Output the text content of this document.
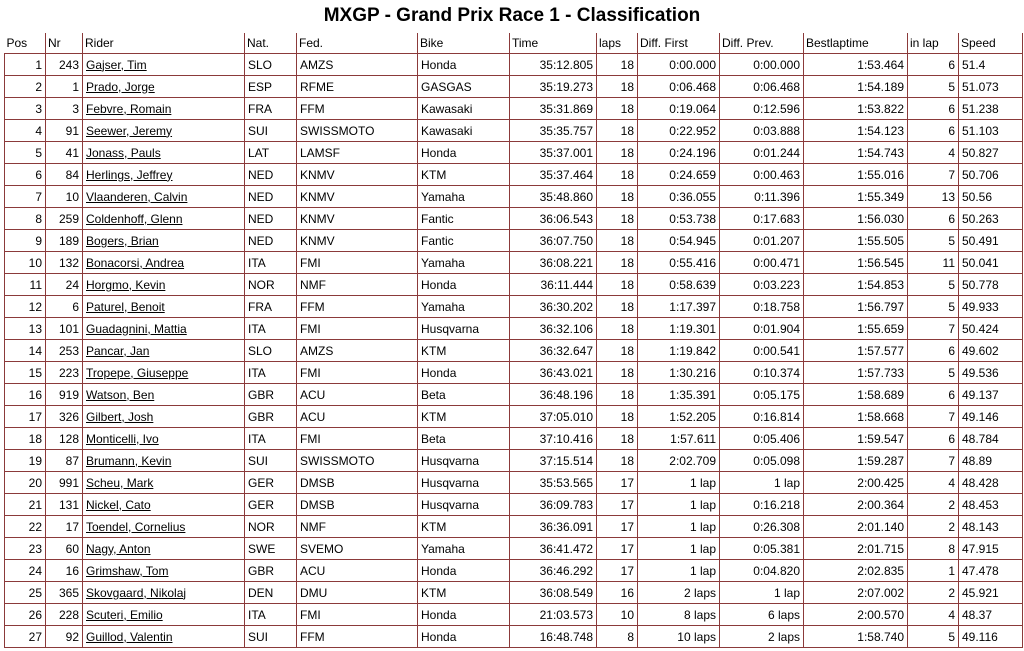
MXGP - Grand Prix Race 1 - Classification
Pos	Nr	Rider	Nat.	Fed.	Bike	Time	laps	Diff. First	Diff. Prev.	Bestlaptime	in lap	Speed
1	243	Gajser, Tim	SLO	AMZS	Honda	35:12.805	18	0:00.000	0:00.000	1:53.464	6	51.4
2	1	Prado, Jorge	ESP	RFME	GASGAS	35:19.273	18	0:06.468	0:06.468	1:54.189	5	51.073
3	3	Febvre, Romain	FRA	FFM	Kawasaki	35:31.869	18	0:19.064	0:12.596	1:53.822	6	51.238
4	91	Seewer, Jeremy	SUI	SWISSMOTO	Kawasaki	35:35.757	18	0:22.952	0:03.888	1:54.123	6	51.103
5	41	Jonass, Pauls	LAT	LAMSF	Honda	35:37.001	18	0:24.196	0:01.244	1:54.743	4	50.827
6	84	Herlings, Jeffrey	NED	KNMV	KTM	35:37.464	18	0:24.659	0:00.463	1:55.016	7	50.706
7	10	Vlaanderen, Calvin	NED	KNMV	Yamaha	35:48.860	18	0:36.055	0:11.396	1:55.349	13	50.56
8	259	Coldenhoff, Glenn	NED	KNMV	Fantic	36:06.543	18	0:53.738	0:17.683	1:56.030	6	50.263
9	189	Bogers, Brian	NED	KNMV	Fantic	36:07.750	18	0:54.945	0:01.207	1:55.505	5	50.491
10	132	Bonacorsi, Andrea	ITA	FMI	Yamaha	36:08.221	18	0:55.416	0:00.471	1:56.545	11	50.041
11	24	Horgmo, Kevin	NOR	NMF	Honda	36:11.444	18	0:58.639	0:03.223	1:54.853	5	50.778
12	6	Paturel, Benoit	FRA	FFM	Yamaha	36:30.202	18	1:17.397	0:18.758	1:56.797	5	49.933
13	101	Guadagnini, Mattia	ITA	FMI	Husqvarna	36:32.106	18	1:19.301	0:01.904	1:55.659	7	50.424
14	253	Pancar, Jan	SLO	AMZS	KTM	36:32.647	18	1:19.842	0:00.541	1:57.577	6	49.602
15	223	Tropepe, Giuseppe	ITA	FMI	Honda	36:43.021	18	1:30.216	0:10.374	1:57.733	5	49.536
16	919	Watson, Ben	GBR	ACU	Beta	36:48.196	18	1:35.391	0:05.175	1:58.689	6	49.137
17	326	Gilbert, Josh	GBR	ACU	KTM	37:05.010	18	1:52.205	0:16.814	1:58.668	7	49.146
18	128	Monticelli, Ivo	ITA	FMI	Beta	37:10.416	18	1:57.611	0:05.406	1:59.547	6	48.784
19	87	Brumann, Kevin	SUI	SWISSMOTO	Husqvarna	37:15.514	18	2:02.709	0:05.098	1:59.287	7	48.89
20	991	Scheu, Mark	GER	DMSB	Husqvarna	35:53.565	17	1 lap	1 lap	2:00.425	4	48.428
21	131	Nickel, Cato	GER	DMSB	Husqvarna	36:09.783	17	1 lap	0:16.218	2:00.364	2	48.453
22	17	Toendel, Cornelius	NOR	NMF	KTM	36:36.091	17	1 lap	0:26.308	2:01.140	2	48.143
23	60	Nagy, Anton	SWE	SVEMO	Yamaha	36:41.472	17	1 lap	0:05.381	2:01.715	8	47.915
24	16	Grimshaw, Tom	GBR	ACU	Honda	36:46.292	17	1 lap	0:04.820	2:02.835	1	47.478
25	365	Skovgaard, Nikolaj	DEN	DMU	KTM	36:08.549	16	2 laps	1 lap	2:07.002	2	45.921
26	228	Scuteri, Emilio	ITA	FMI	Honda	21:03.573	10	8 laps	6 laps	2:00.570	4	48.37
27	92	Guillod, Valentin	SUI	FFM	Honda	16:48.748	8	10 laps	2 laps	1:58.740	5	49.116
